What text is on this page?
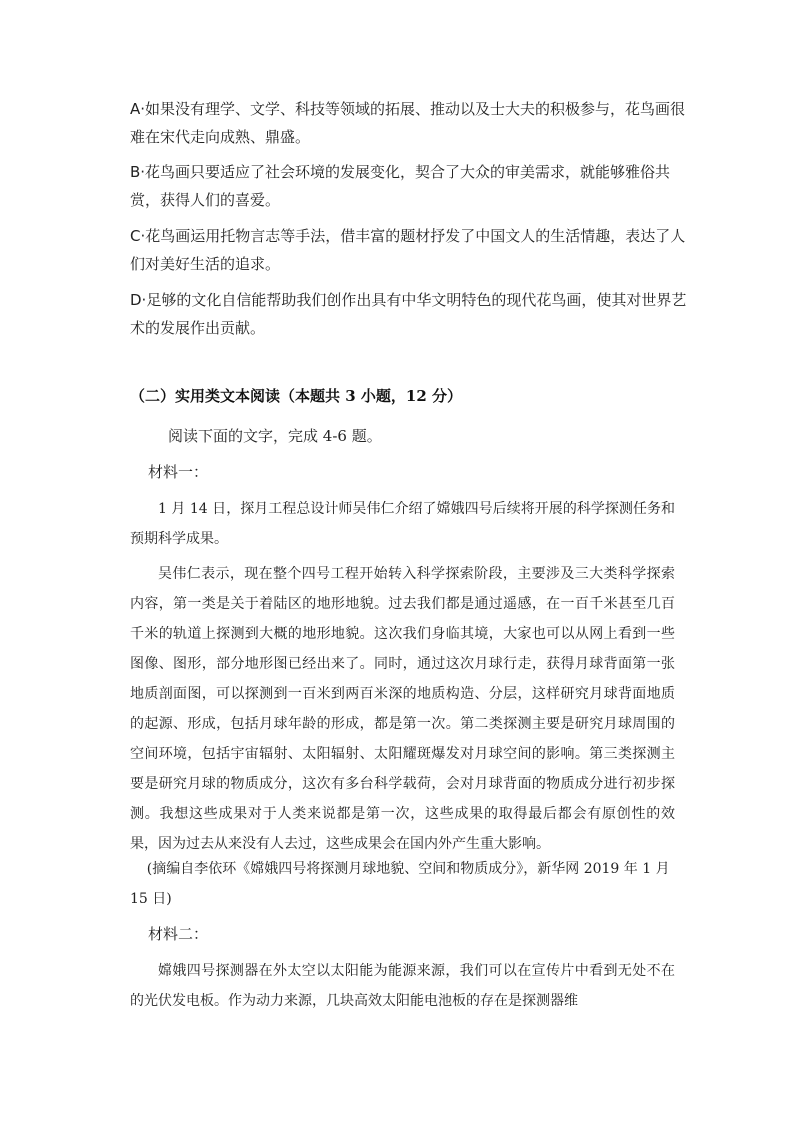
A·如果没有理学、文学、科技等领域的拓展、推动以及士大夫的积极参与，花鸟画很难在宋代走向成熟、鼎盛。
B·花鸟画只要适应了社会环境的发展变化，契合了大众的审美需求，就能够雅俗共赏，获得人们的喜爱。
C·花鸟画运用托物言志等手法，借丰富的题材抒发了中国文人的生活情趣，表达了人们对美好生活的追求。
D·足够的文化自信能帮助我们创作出具有中华文明特色的现代花鸟画，使其对世界艺术的发展作出贡献。
（二）实用类文本阅读（本题共 3 小题，12 分）
阅读下面的文字，完成 4-6 题。
材料一：
1 月 14 日，探月工程总设计师吴伟仁介绍了嫦娥四号后续将开展的科学探测任务和预期科学成果。
吴伟仁表示，现在整个四号工程开始转入科学探索阶段，主要涉及三大类科学探索内容，第一类是关于着陆区的地形地貌。过去我们都是通过遥感，在一百千米甚至几百千米的轨道上探测到大概的地形地貌。这次我们身临其境，大家也可以从网上看到一些图像、图形，部分地形图已经出来了。同时，通过这次月球行走，获得月球背面第一张地质剖面图，可以探测到一百米到两百米深的地质构造、分层，这样研究月球背面地质的起源、形成，包括月球年龄的形成，都是第一次。第二类探测主要是研究月球周围的空间环境，包括宇宙辐射、太阳辐射、太阳耀斑爆发对月球空间的影响。第三类探测主要是研究月球的物质成分，这次有多台科学载荷，会对月球背面的物质成分进行初步探测。我想这些成果对于人类来说都是第一次，这些成果的取得最后都会有原创性的效果，因为过去从来没有人去过，这些成果会在国内外产生重大影响。
(摘编自李依环《嫦娥四号将探测月球地貌、空间和物质成分》，新华网 2019 年 1 月 15 日)
材料二：
嫦娥四号探测器在外太空以太阳能为能源来源，我们可以在宣传片中看到无处不在的光伏发电板。作为动力来源，几块高效太阳能电池板的存在是探测器维
